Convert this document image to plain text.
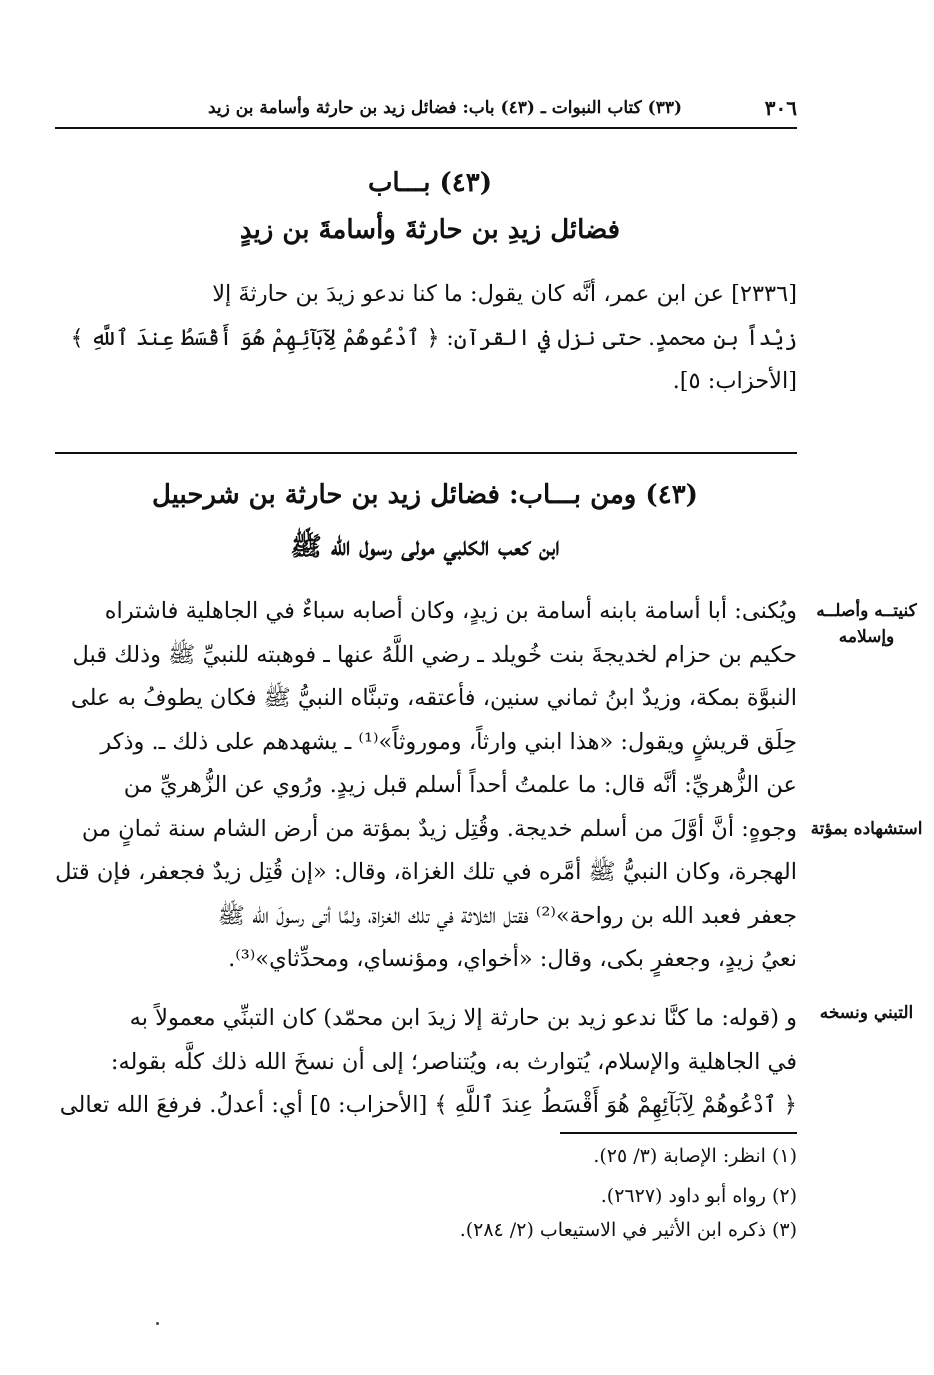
٣٠٦
(٣٣) كتاب النبوات ـ (٤٣) باب: فضائل زيد بن حارثة وأسامة بن زيد
(٤٣) بـــاب
فضائل زيدِ بن حارثةَ وأسامةَ بن زيدٍ
[٢٣٣٦] عن ابن عمر، أنَّه كان يقول: ما كنا ندعو زيدَ بن حارثةَ إلا
زيْداً بن محمدٍ. حتى نزل في القرآن: ﴿ ٱدْعُوهُمْ لِآبَآئِهِمْ هُوَ أَقْسَطُ عِندَ ٱللَّهِ ﴾
[الأحزاب: ٥].
(٤٣) ومن بـــاب: فضائل زيد بن حارثة بن شرحبيل
ابن كعب الكلبي مولى رسول الله ﷺ
كنيتــه وأصلــه وإسلامه
استشهاده بمؤتة
التبني ونسخه
ويُكنى: أبا أسامة بابنه أسامة بن زيدٍ، وكان أصابه سباءٌ في الجاهلية فاشتراه
حكيم بن حزام لخديجةَ بنت خُويلد ـ رضي اللَّهُ عنها ـ فوهبته للنبيِّ ﷺ وذلك قبل
النبوَّة بمكة، وزيدٌ ابنُ ثماني سنين، فأعتقه، وتبنَّاه النبيُّ ﷺ فكان يطوفُ به على
حِلَق قريشٍ ويقول: «هذا ابني وارثاً، وموروثاً»⁽¹⁾ ـ يشهدهم على ذلك ـ. وذكر
عن الزُّهريِّ: أنَّه قال: ما علمتُ أحداً أسلم قبل زيدٍ. ورُوي عن الزُّهريِّ من
وجوهٍ: أنَّ أوَّلَ من أسلم خديجة. وقُتِل زيدٌ بمؤتة من أرض الشام سنة ثمانٍ من
الهجرة، وكان النبيُّ ﷺ أمَّره في تلك الغزاة، وقال: «إن قُتِل زيدٌ فجعفر، فإن قتل
جعفر فعبد الله بن رواحة»⁽²⁾ فقتل الثلاثة في تلك الغزاة، ولمَّا أتى رسولَ الله ﷺ
نعيُ زيدٍ، وجعفرٍ بكى، وقال: «أخواي، ومؤنساي، ومحدِّثاي»⁽³⁾.
و (قوله: ما كنَّا ندعو زيد بن حارثة إلا زيدَ ابن محمّد) كان التبنِّي معمولاً به
في الجاهلية والإسلام، يُتوارث به، ويُتناصر؛ إلى أن نسخَ الله ذلك كلَّه بقوله:
﴿ ٱدْعُوهُمْ لِآبَآئِهِمْ هُوَ أَقْسَطُ عِندَ ٱللَّهِ ﴾ [الأحزاب: ٥] أي: أعدلُ. فرفعَ الله تعالى
(١) انظر: الإصابة (٣/ ٢٥).
(٢) رواه أبو داود (٢٦٢٧).
(٣) ذكره ابن الأثير في الاستيعاب (٢/ ٢٨٤).
